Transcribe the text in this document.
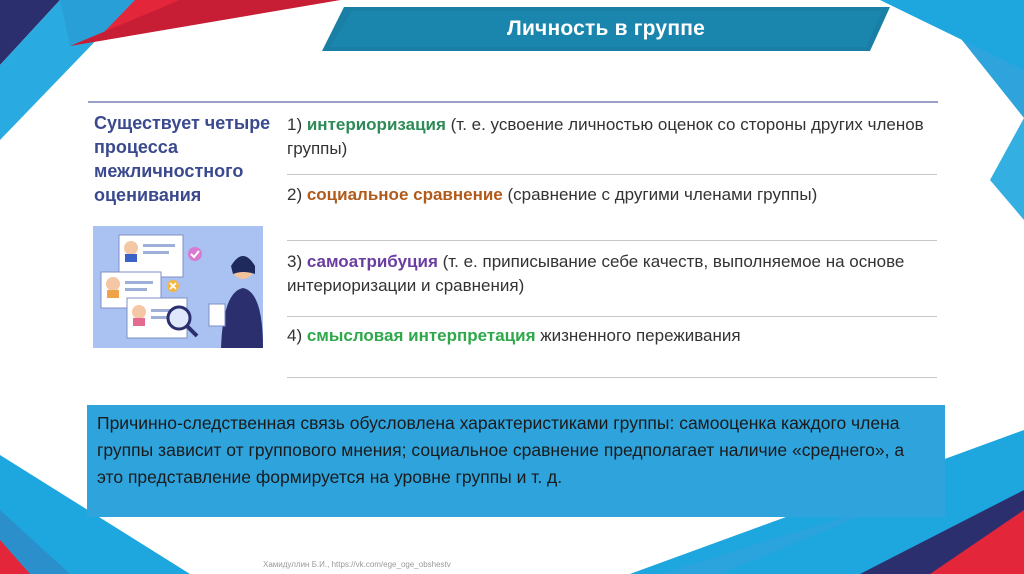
Личность в группе
Существует четыре процесса межличностного оценивания
1) интериоризация (т. е. усвоение личностью оценок со стороны других членов группы)
2) социальное сравнение (сравнение с другими членами группы)
3) самоатрибуция (т. е. приписывание себе качеств, выполняемое на основе интериоризации и сравнения)
4) смысловая интерпретация жизненного переживания
Причинно-следственная связь обусловлена характеристиками группы: самооценка каждого члена группы зависит от группового мнения; социальное сравнение предполагает наличие «среднего», а это представление формируется на уровне группы и т. д.
Хамидуллин Б.И., https://vk.com/ege_oge_obshestv
